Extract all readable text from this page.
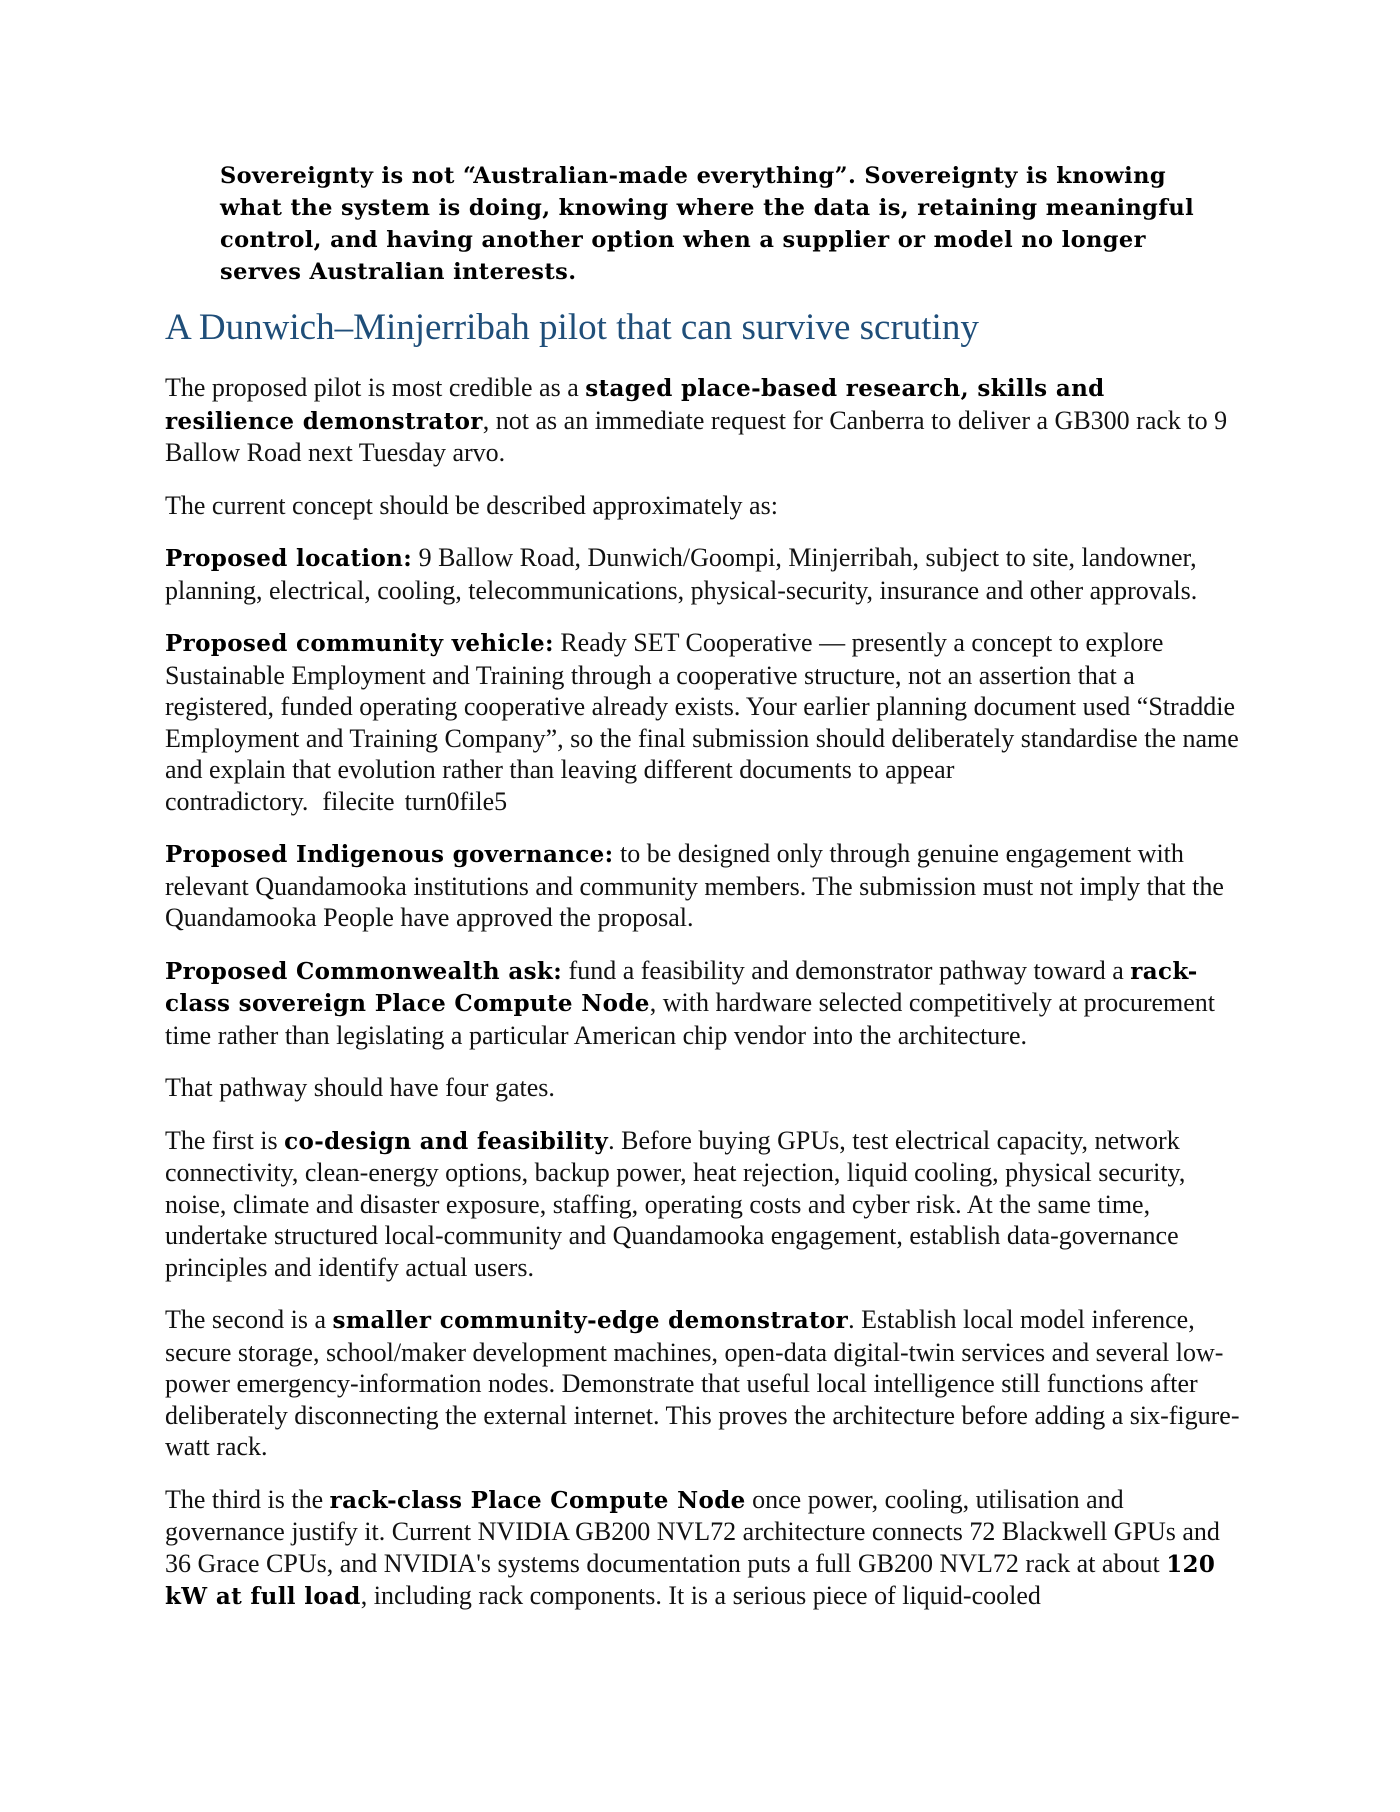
Sovereignty is not “Australian-made everything”. Sovereignty is knowing what the system is doing, knowing where the data is, retaining meaningful control, and having another option when a supplier or model no longer serves Australian interests.

A Dunwich–Minjerribah pilot that can survive scrutiny

The proposed pilot is most credible as a staged place-based research, skills and resilience demonstrator, not as an immediate request for Canberra to deliver a GB300 rack to 9 Ballow Road next Tuesday arvo.

The current concept should be described approximately as:

Proposed location: 9 Ballow Road, Dunwich/Goompi, Minjerribah, subject to site, landowner, planning, electrical, cooling, telecommunications, physical-security, insurance and other approvals.

Proposed community vehicle: Ready SET Cooperative — presently a concept to explore Sustainable Employment and Training through a cooperative structure, not an assertion that a registered, funded operating cooperative already exists. Your earlier planning document used “Straddie Employment and Training Company”, so the final submission should deliberately standardise the name and explain that evolution rather than leaving different documents to appear contradictory. filecite turn0file5

Proposed Indigenous governance: to be designed only through genuine engagement with relevant Quandamooka institutions and community members. The submission must not imply that the Quandamooka People have approved the proposal.

Proposed Commonwealth ask: fund a feasibility and demonstrator pathway toward a rack-class sovereign Place Compute Node, with hardware selected competitively at procurement time rather than legislating a particular American chip vendor into the architecture.

That pathway should have four gates.

The first is co-design and feasibility. Before buying GPUs, test electrical capacity, network connectivity, clean-energy options, backup power, heat rejection, liquid cooling, physical security, noise, climate and disaster exposure, staffing, operating costs and cyber risk. At the same time, undertake structured local-community and Quandamooka engagement, establish data-governance principles and identify actual users.

The second is a smaller community-edge demonstrator. Establish local model inference, secure storage, school/maker development machines, open-data digital-twin services and several low-power emergency-information nodes. Demonstrate that useful local intelligence still functions after deliberately disconnecting the external internet. This proves the architecture before adding a six-figure-watt rack.

The third is the rack-class Place Compute Node once power, cooling, utilisation and governance justify it. Current NVIDIA GB200 NVL72 architecture connects 72 Blackwell GPUs and 36 Grace CPUs, and NVIDIA's systems documentation puts a full GB200 NVL72 rack at about 120 kW at full load, including rack components. It is a serious piece of liquid-cooled
